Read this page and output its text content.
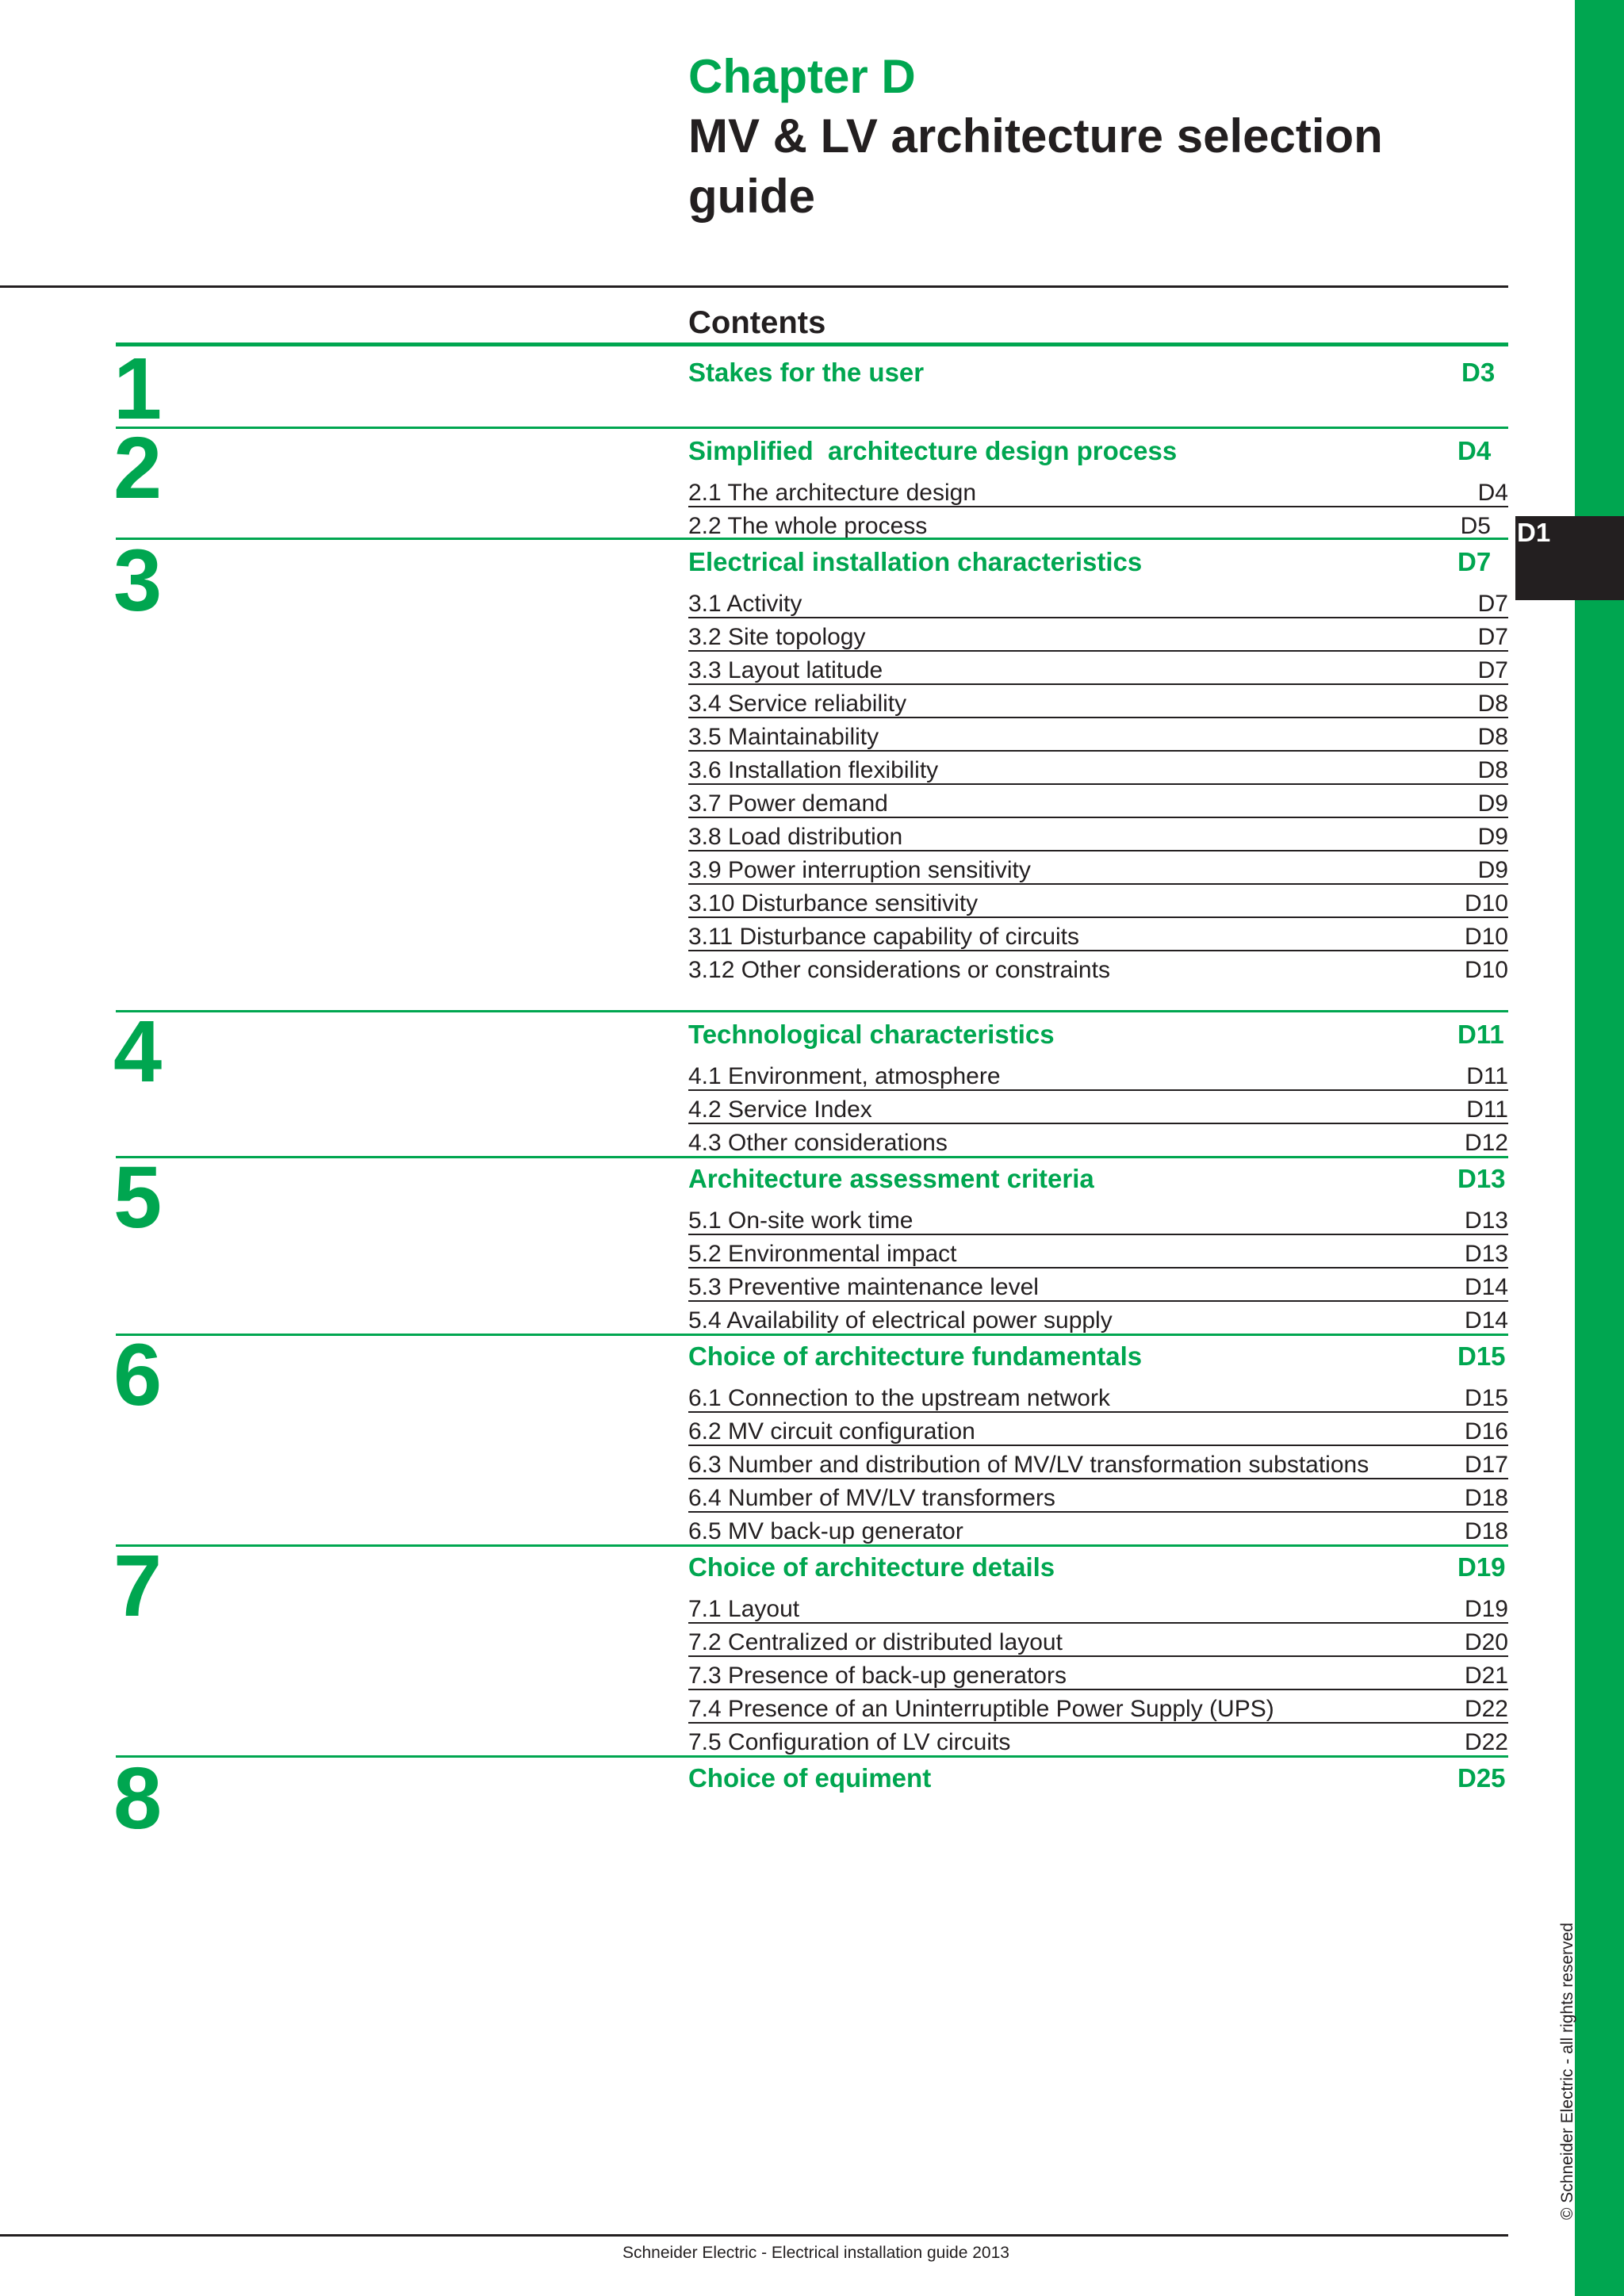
D1
© Schneider Electric - all rights reserved
Chapter D
MV & LV architecture selection guide
Contents
1	Stakes for the user	D3
2	Simplified  architecture design process	D4
2.1 The architecture design	D4
2.2 The whole process	D5
3	Electrical installation characteristics	D7
3.1 Activity	D7
3.2 Site topology	D7
3.3 Layout latitude	D7
3.4 Service reliability	D8
3.5 Maintainability	D8
3.6 Installation flexibility	D8
3.7 Power demand	D9
3.8 Load distribution	D9
3.9 Power interruption sensitivity	D9
3.10 Disturbance sensitivity	D10
3.11 Disturbance capability of circuits	D10
3.12 Other considerations or constraints	D10
4	Technological characteristics	D11
4.1 Environment, atmosphere	D11
4.2 Service Index	D11
4.3 Other considerations	D12
5	Architecture assessment criteria	D13
5.1 On-site work time	D13
5.2 Environmental impact	D13
5.3 Preventive maintenance level	D14
5.4 Availability of electrical power supply	D14
6	Choice of architecture fundamentals	D15
6.1 Connection to the upstream network	D15
6.2 MV circuit configuration	D16
6.3 Number and distribution of MV/LV transformation substations	D17
6.4 Number of MV/LV transformers	D18
6.5 MV back-up generator	D18
7	Choice of architecture details	D19
7.1 Layout	D19
7.2 Centralized or distributed layout	D20
7.3 Presence of back-up generators	D21
7.4 Presence of an Uninterruptible Power Supply (UPS)	D22
7.5 Configuration of LV circuits	D22
8	Choice of equiment	D25
Schneider Electric - Electrical installation guide 2013
